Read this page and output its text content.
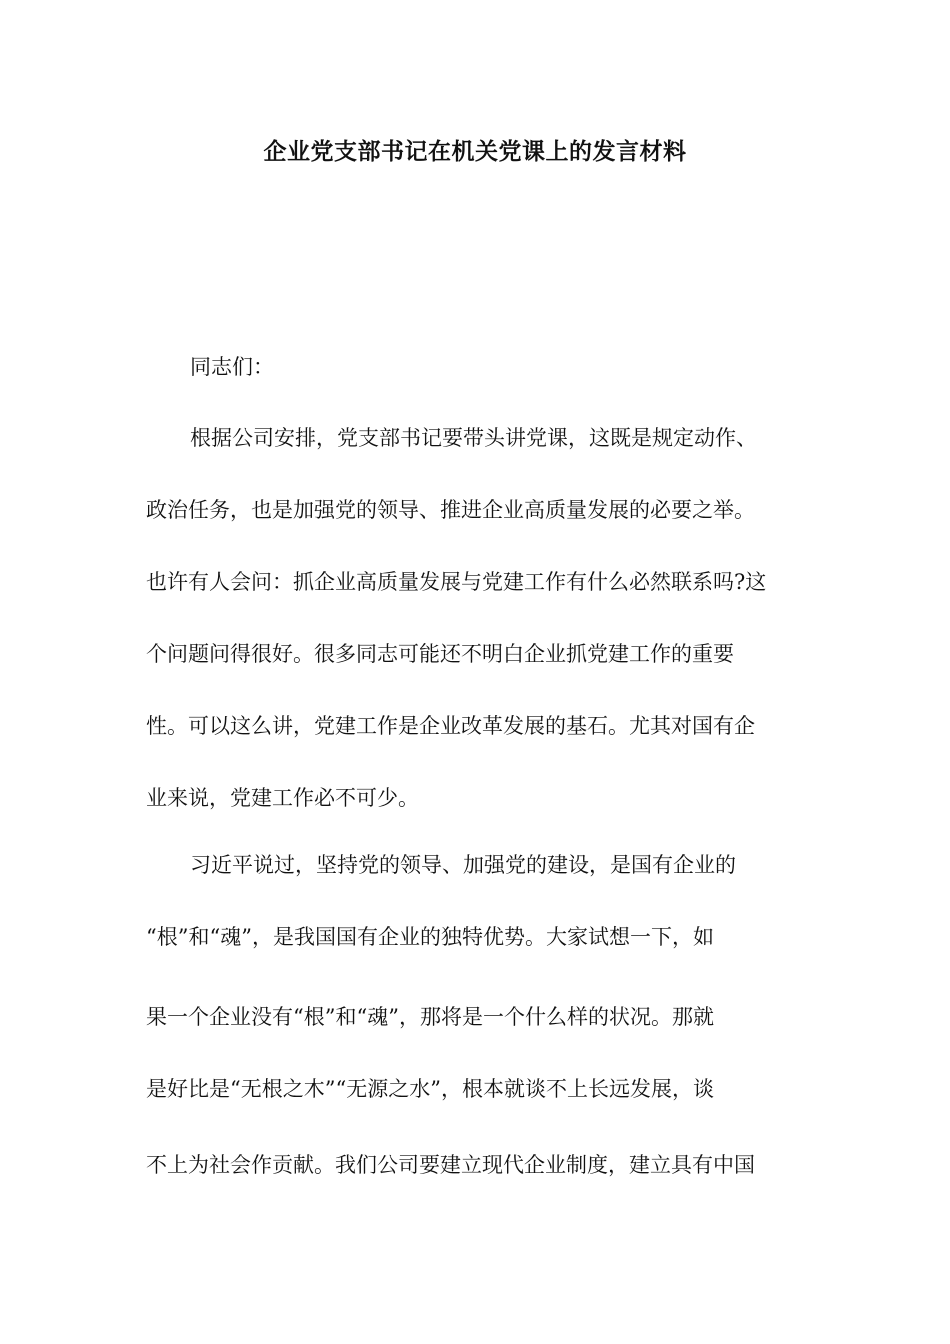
企业党支部书记在机关党课上的发言材料
同志们：
根据公司安排，党支部书记要带头讲党课，这既是规定动作、
政治任务，也是加强党的领导、推进企业高质量发展的必要之举。
也许有人会问：抓企业高质量发展与党建工作有什么必然联系吗?这
个问题问得很好。很多同志可能还不明白企业抓党建工作的重要
性。可以这么讲，党建工作是企业改革发展的基石。尤其对国有企
业来说，党建工作必不可少。
习近平说过，坚持党的领导、加强党的建设，是国有企业的
“根”和“魂”，是我国国有企业的独特优势。大家试想一下，如
果一个企业没有“根”和“魂”，那将是一个什么样的状况。那就
是好比是“无根之木”“无源之水”，根本就谈不上长远发展，谈
不上为社会作贡献。我们公司要建立现代企业制度，建立具有中国
